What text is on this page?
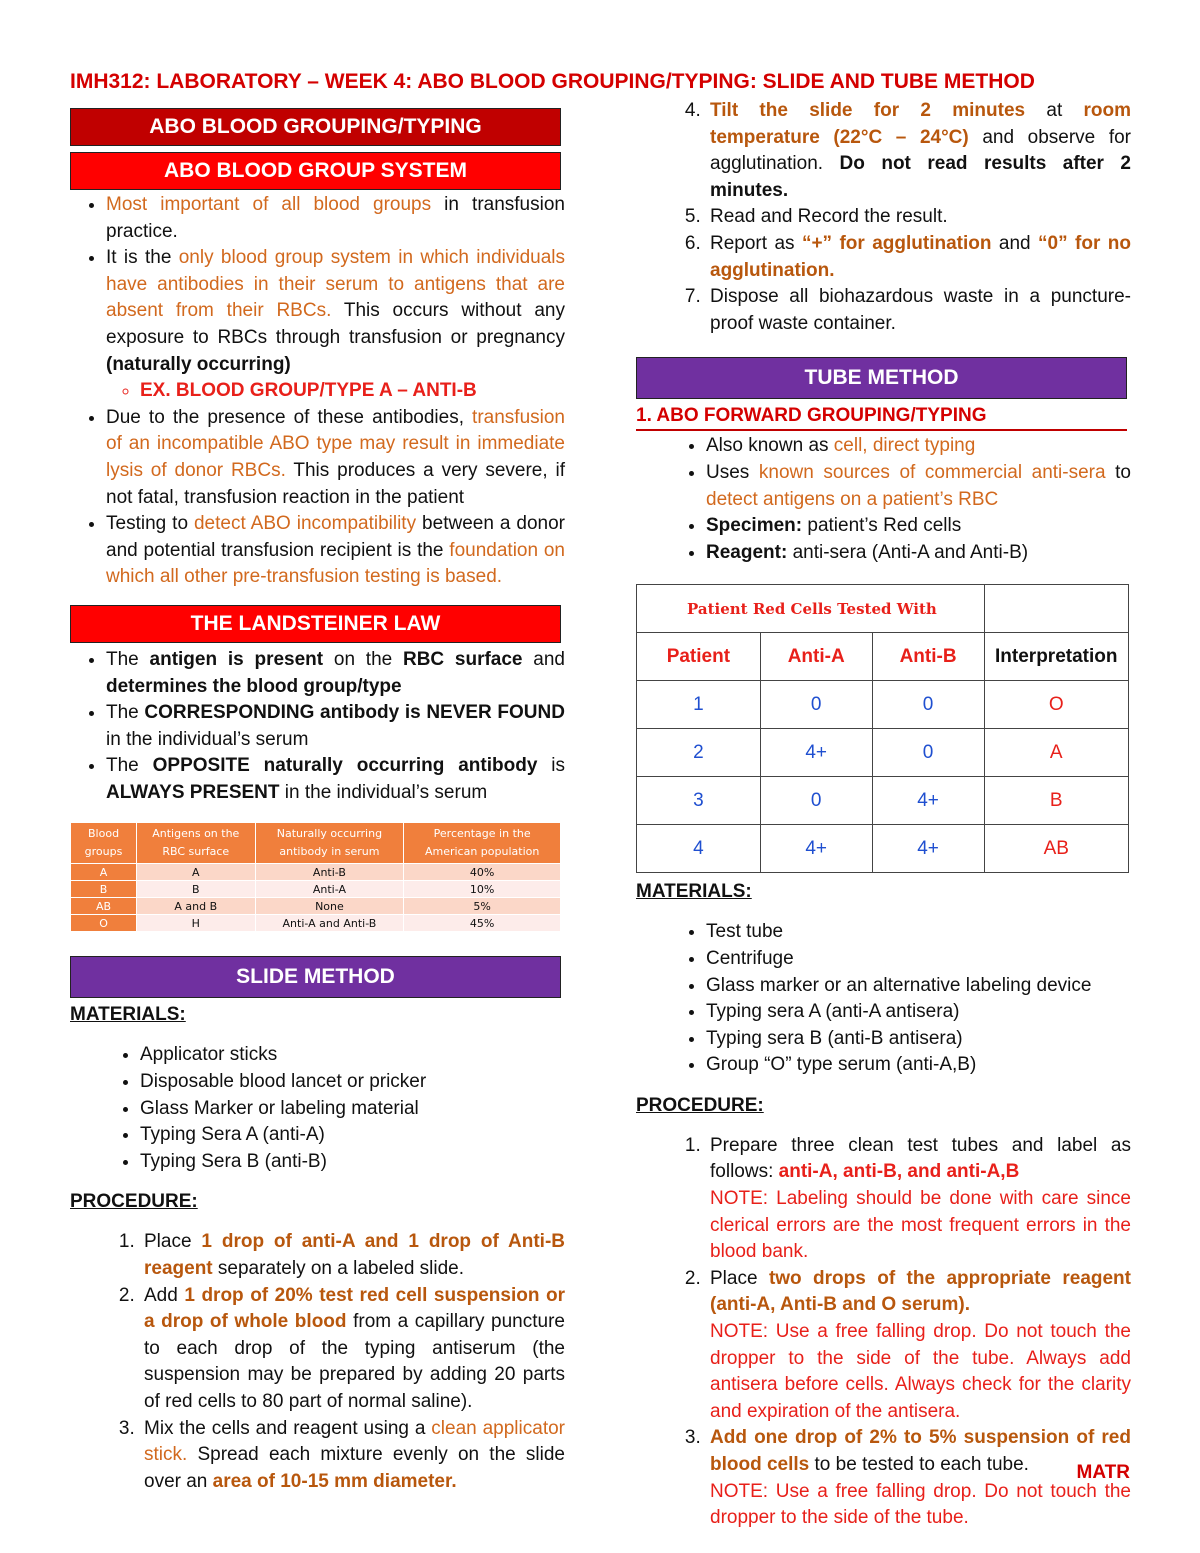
IMH312: LABORATORY – WEEK 4: ABO BLOOD GROUPING/TYPING: SLIDE AND TUBE METHOD
ABO BLOOD GROUPING/TYPING
ABO BLOOD GROUP SYSTEM
• Most important of all blood groups in transfusion practice.
• It is the only blood group system in which individuals have antibodies in their serum to antigens that are absent from their RBCs. This occurs without any exposure to RBCs through transfusion or pregnancy (naturally occurring)
◦ EX. BLOOD GROUP/TYPE A – ANTI-B
• Due to the presence of these antibodies, transfusion of an incompatible ABO type may result in immediate lysis of donor RBCs. This produces a very severe, if not fatal, transfusion reaction in the patient
• Testing to detect ABO incompatibility between a donor and potential transfusion recipient is the foundation on which all other pre-transfusion testing is based.
THE LANDSTEINER LAW
• The antigen is present on the RBC surface and determines the blood group/type
• The CORRESPONDING antibody is NEVER FOUND in the individual’s serum
• The OPPOSITE naturally occurring antibody is ALWAYS PRESENT in the individual’s serum
Blood groups	Antigens on the RBC surface	Naturally occurring antibody in serum	Percentage in the American population
A	A	Anti-B	40%
B	B	Anti-A	10%
AB	A and B	None	5%
O	H	Anti-A and Anti-B	45%
SLIDE METHOD
MATERIALS:
• Applicator sticks
• Disposable blood lancet or pricker
• Glass Marker or labeling material
• Typing Sera A (anti-A)
• Typing Sera B (anti-B)
PROCEDURE:
1. Place 1 drop of anti-A and 1 drop of Anti-B reagent separately on a labeled slide.
2. Add 1 drop of 20% test red cell suspension or a drop of whole blood from a capillary puncture to each drop of the typing antiserum (the suspension may be prepared by adding 20 parts of red cells to 80 part of normal saline).
3. Mix the cells and reagent using a clean applicator stick. Spread each mixture evenly on the slide over an area of 10-15 mm diameter.
4. Tilt the slide for 2 minutes at room temperature (22°C – 24°C) and observe for agglutination. Do not read results after 2 minutes.
5. Read and Record the result.
6. Report as “+” for agglutination and “0” for no agglutination.
7. Dispose all biohazardous waste in a puncture-proof waste container.
TUBE METHOD
1. ABO FORWARD GROUPING/TYPING
• Also known as cell, direct typing
• Uses known sources of commercial anti-sera to detect antigens on a patient’s RBC
• Specimen: patient’s Red cells
• Reagent: anti-sera (Anti-A and Anti-B)
Patient Red Cells Tested With			
Patient	Anti-A	Anti-B	Interpretation
1	0	0	O
2	4+	0	A
3	0	4+	B
4	4+	4+	AB
MATERIALS:
• Test tube
• Centrifuge
• Glass marker or an alternative labeling device
• Typing sera A (anti-A antisera)
• Typing sera B (anti-B antisera)
• Group “O” type serum (anti-A,B)
PROCEDURE:
1. Prepare three clean test tubes and label as follows: anti-A, anti-B, and anti-A,B
NOTE: Labeling should be done with care since clerical errors are the most frequent errors in the blood bank.
2. Place two drops of the appropriate reagent (anti-A, Anti-B and O serum).
NOTE: Use a free falling drop. Do not touch the dropper to the side of the tube. Always add antisera before cells. Always check for the clarity and expiration of the antisera.
3. Add one drop of 2% to 5% suspension of red blood cells to be tested to each tube.
NOTE: Use a free falling drop. Do not touch the dropper to the side of the tube.
MATR
